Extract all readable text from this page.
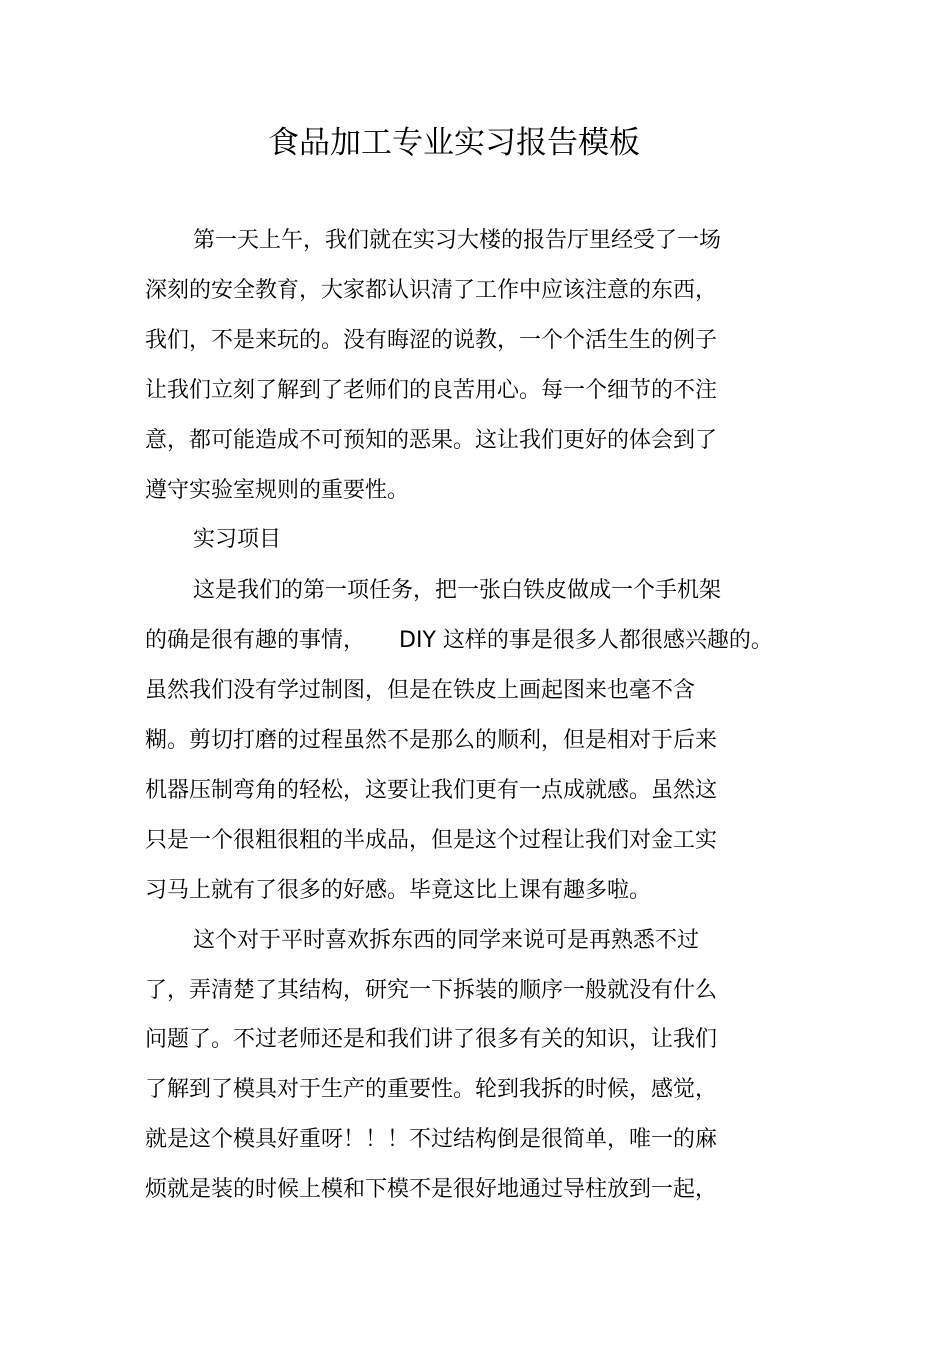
食品加工专业实习报告模板
第一天上午，我们就在实习大楼的报告厅里经受了一场
深刻的安全教育，大家都认识清了工作中应该注意的东西，
我们，不是来玩的。没有晦涩的说教，一个个活生生的例子
让我们立刻了解到了老师们的良苦用心。每一个细节的不注
意，都可能造成不可预知的恶果。这让我们更好的体会到了
遵守实验室规则的重要性。
实习项目
这是我们的第一项任务，把一张白铁皮做成一个手机架
的确是很有趣的事情， DIY 这样的事是很多人都很感兴趣的。
虽然我们没有学过制图，但是在铁皮上画起图来也毫不含
糊。剪切打磨的过程虽然不是那么的顺利，但是相对于后来
机器压制弯角的轻松，这要让我们更有一点成就感。虽然这
只是一个很粗很粗的半成品，但是这个过程让我们对金工实
习马上就有了很多的好感。毕竟这比上课有趣多啦。
这个对于平时喜欢拆东西的同学来说可是再熟悉不过
了，弄清楚了其结构，研究一下拆装的顺序一般就没有什么
问题了。不过老师还是和我们讲了很多有关的知识，让我们
了解到了模具对于生产的重要性。轮到我拆的时候，感觉，
就是这个模具好重呀！！！不过结构倒是很简单，唯一的麻
烦就是装的时候上模和下模不是很好地通过导柱放到一起，
